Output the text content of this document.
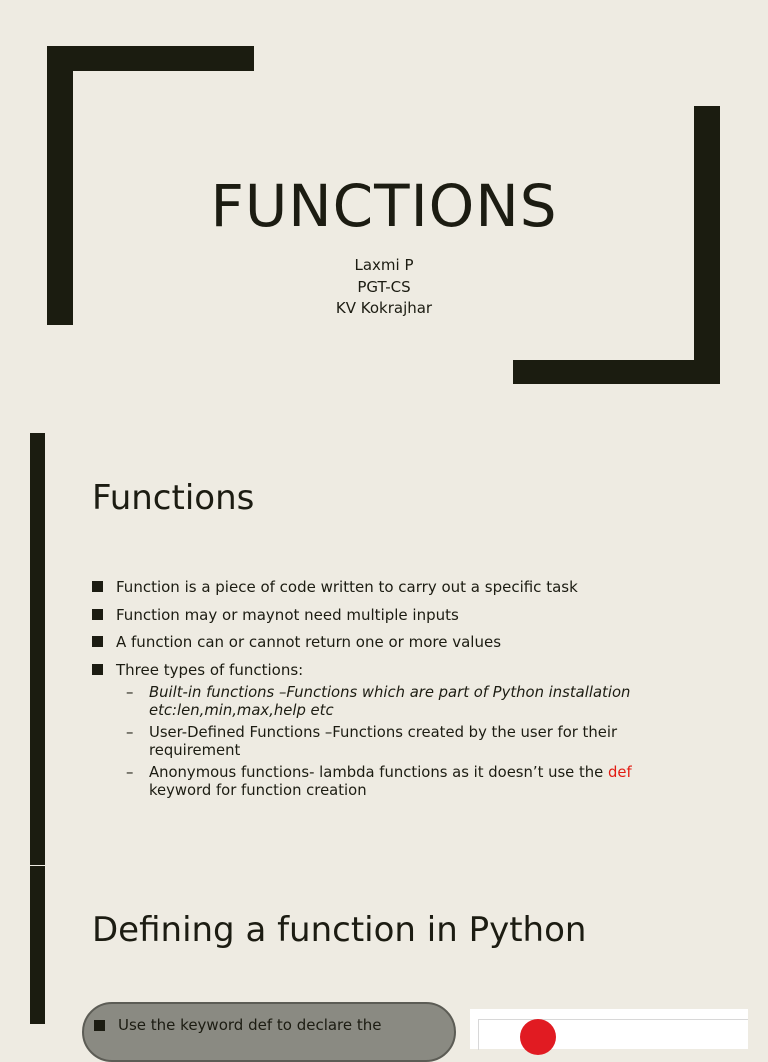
FUNCTIONS
Laxmi P
PGT-CS
KV Kokrajhar
Functions
Function is a piece of code written to carry out a specific task
Function may or maynot need multiple inputs
A function can or cannot return one or more values
Three types of functions:
– Built-in functions –Functions which are part of Python installation
etc:len,min,max,help etc
– User-Defined Functions –Functions created by the user for their
requirement
– Anonymous functions- lambda functions as it doesn’t use the def
keyword for function creation
Defining a function in Python
Use the keyword def to declare the
